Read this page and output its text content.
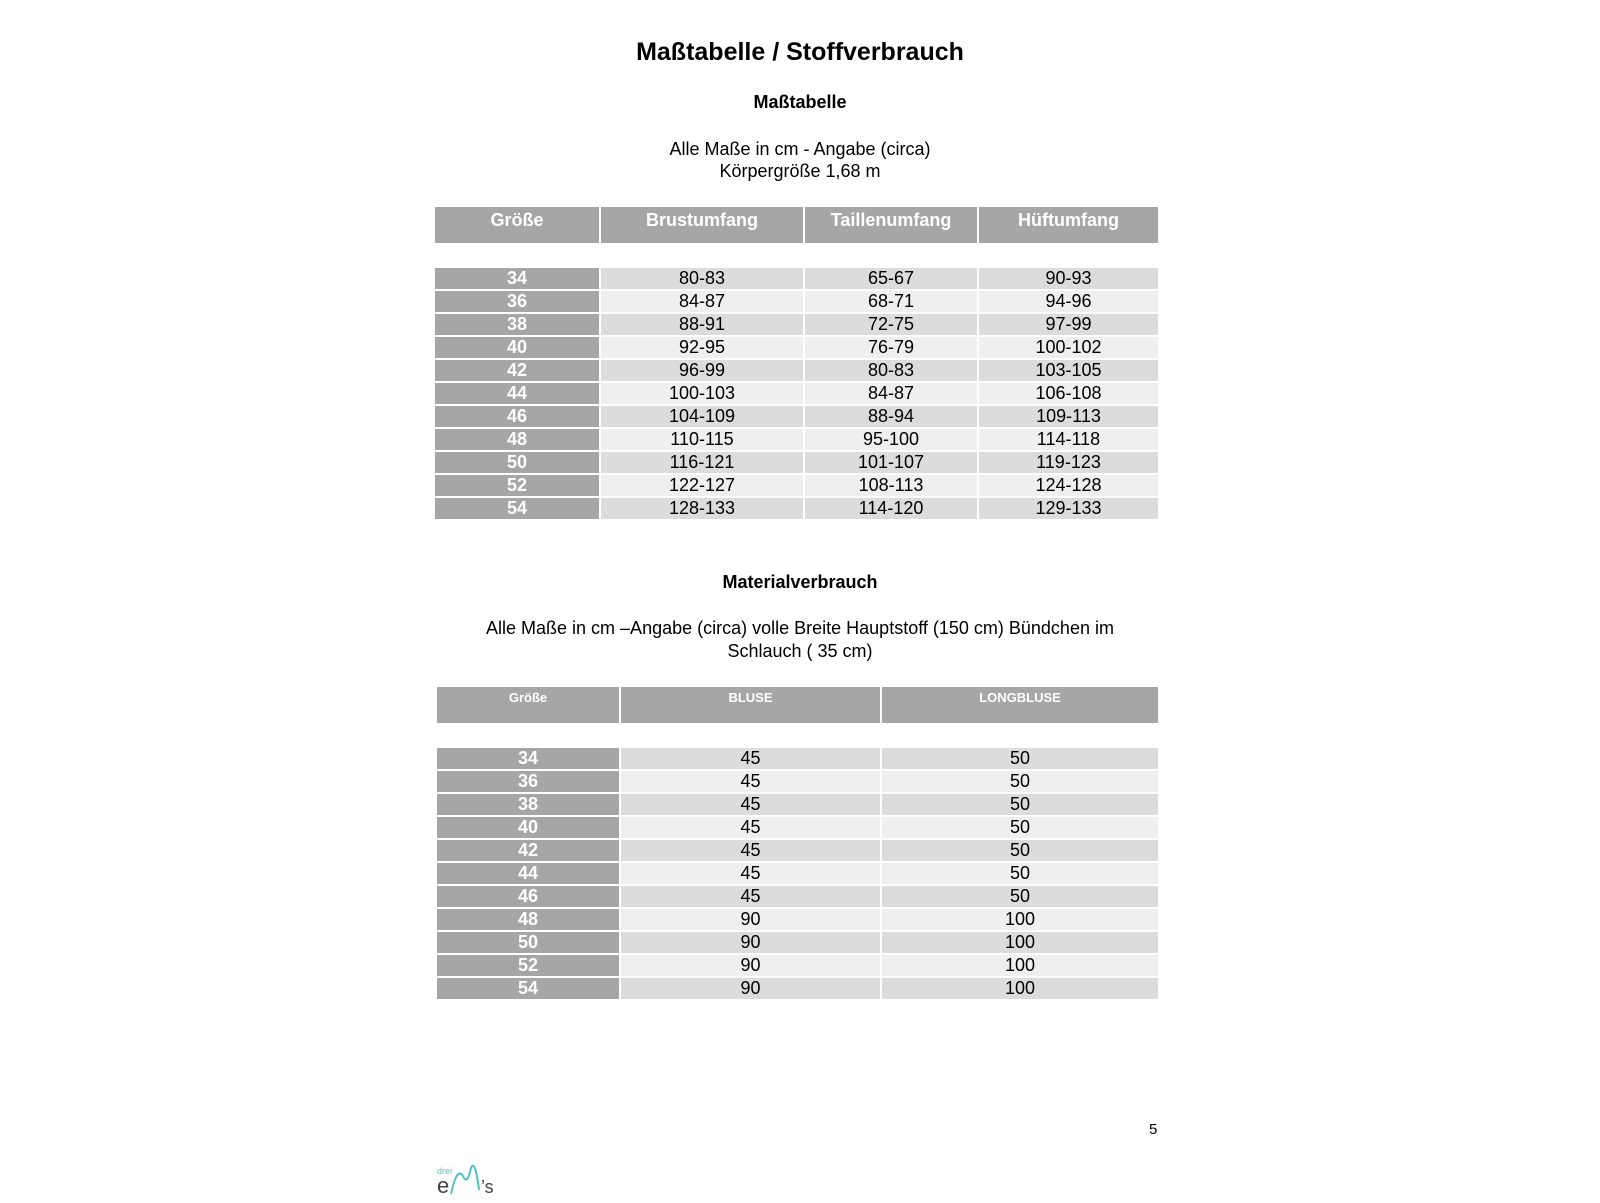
Maßtabelle / Stoffverbrauch
Maßtabelle
Alle Maße in cm - Angabe (circa)
Körpergröße 1,68 m
Größe	Brustumfang	Taillenumfang	Hüftumfang

34	80-83	65-67	90-93
36	84-87	68-71	94-96
38	88-91	72-75	97-99
40	92-95	76-79	100-102
42	96-99	80-83	103-105
44	100-103	84-87	106-108
46	104-109	88-94	109-113
48	110-115	95-100	114-118
50	116-121	101-107	119-123
52	122-127	108-113	124-128
54	128-133	114-120	129-133
Materialverbrauch
Alle Maße in cm –Angabe (circa) volle Breite Hauptstoff (150 cm) Bündchen im Schlauch ( 35 cm)
Größe	BLUSE	LONGBLUSE

34	45	50
36	45	50
38	45	50
40	45	50
42	45	50
44	45	50
46	45	50
48	90	100
50	90	100
52	90	100
54	90	100
5
drei
e ’s
